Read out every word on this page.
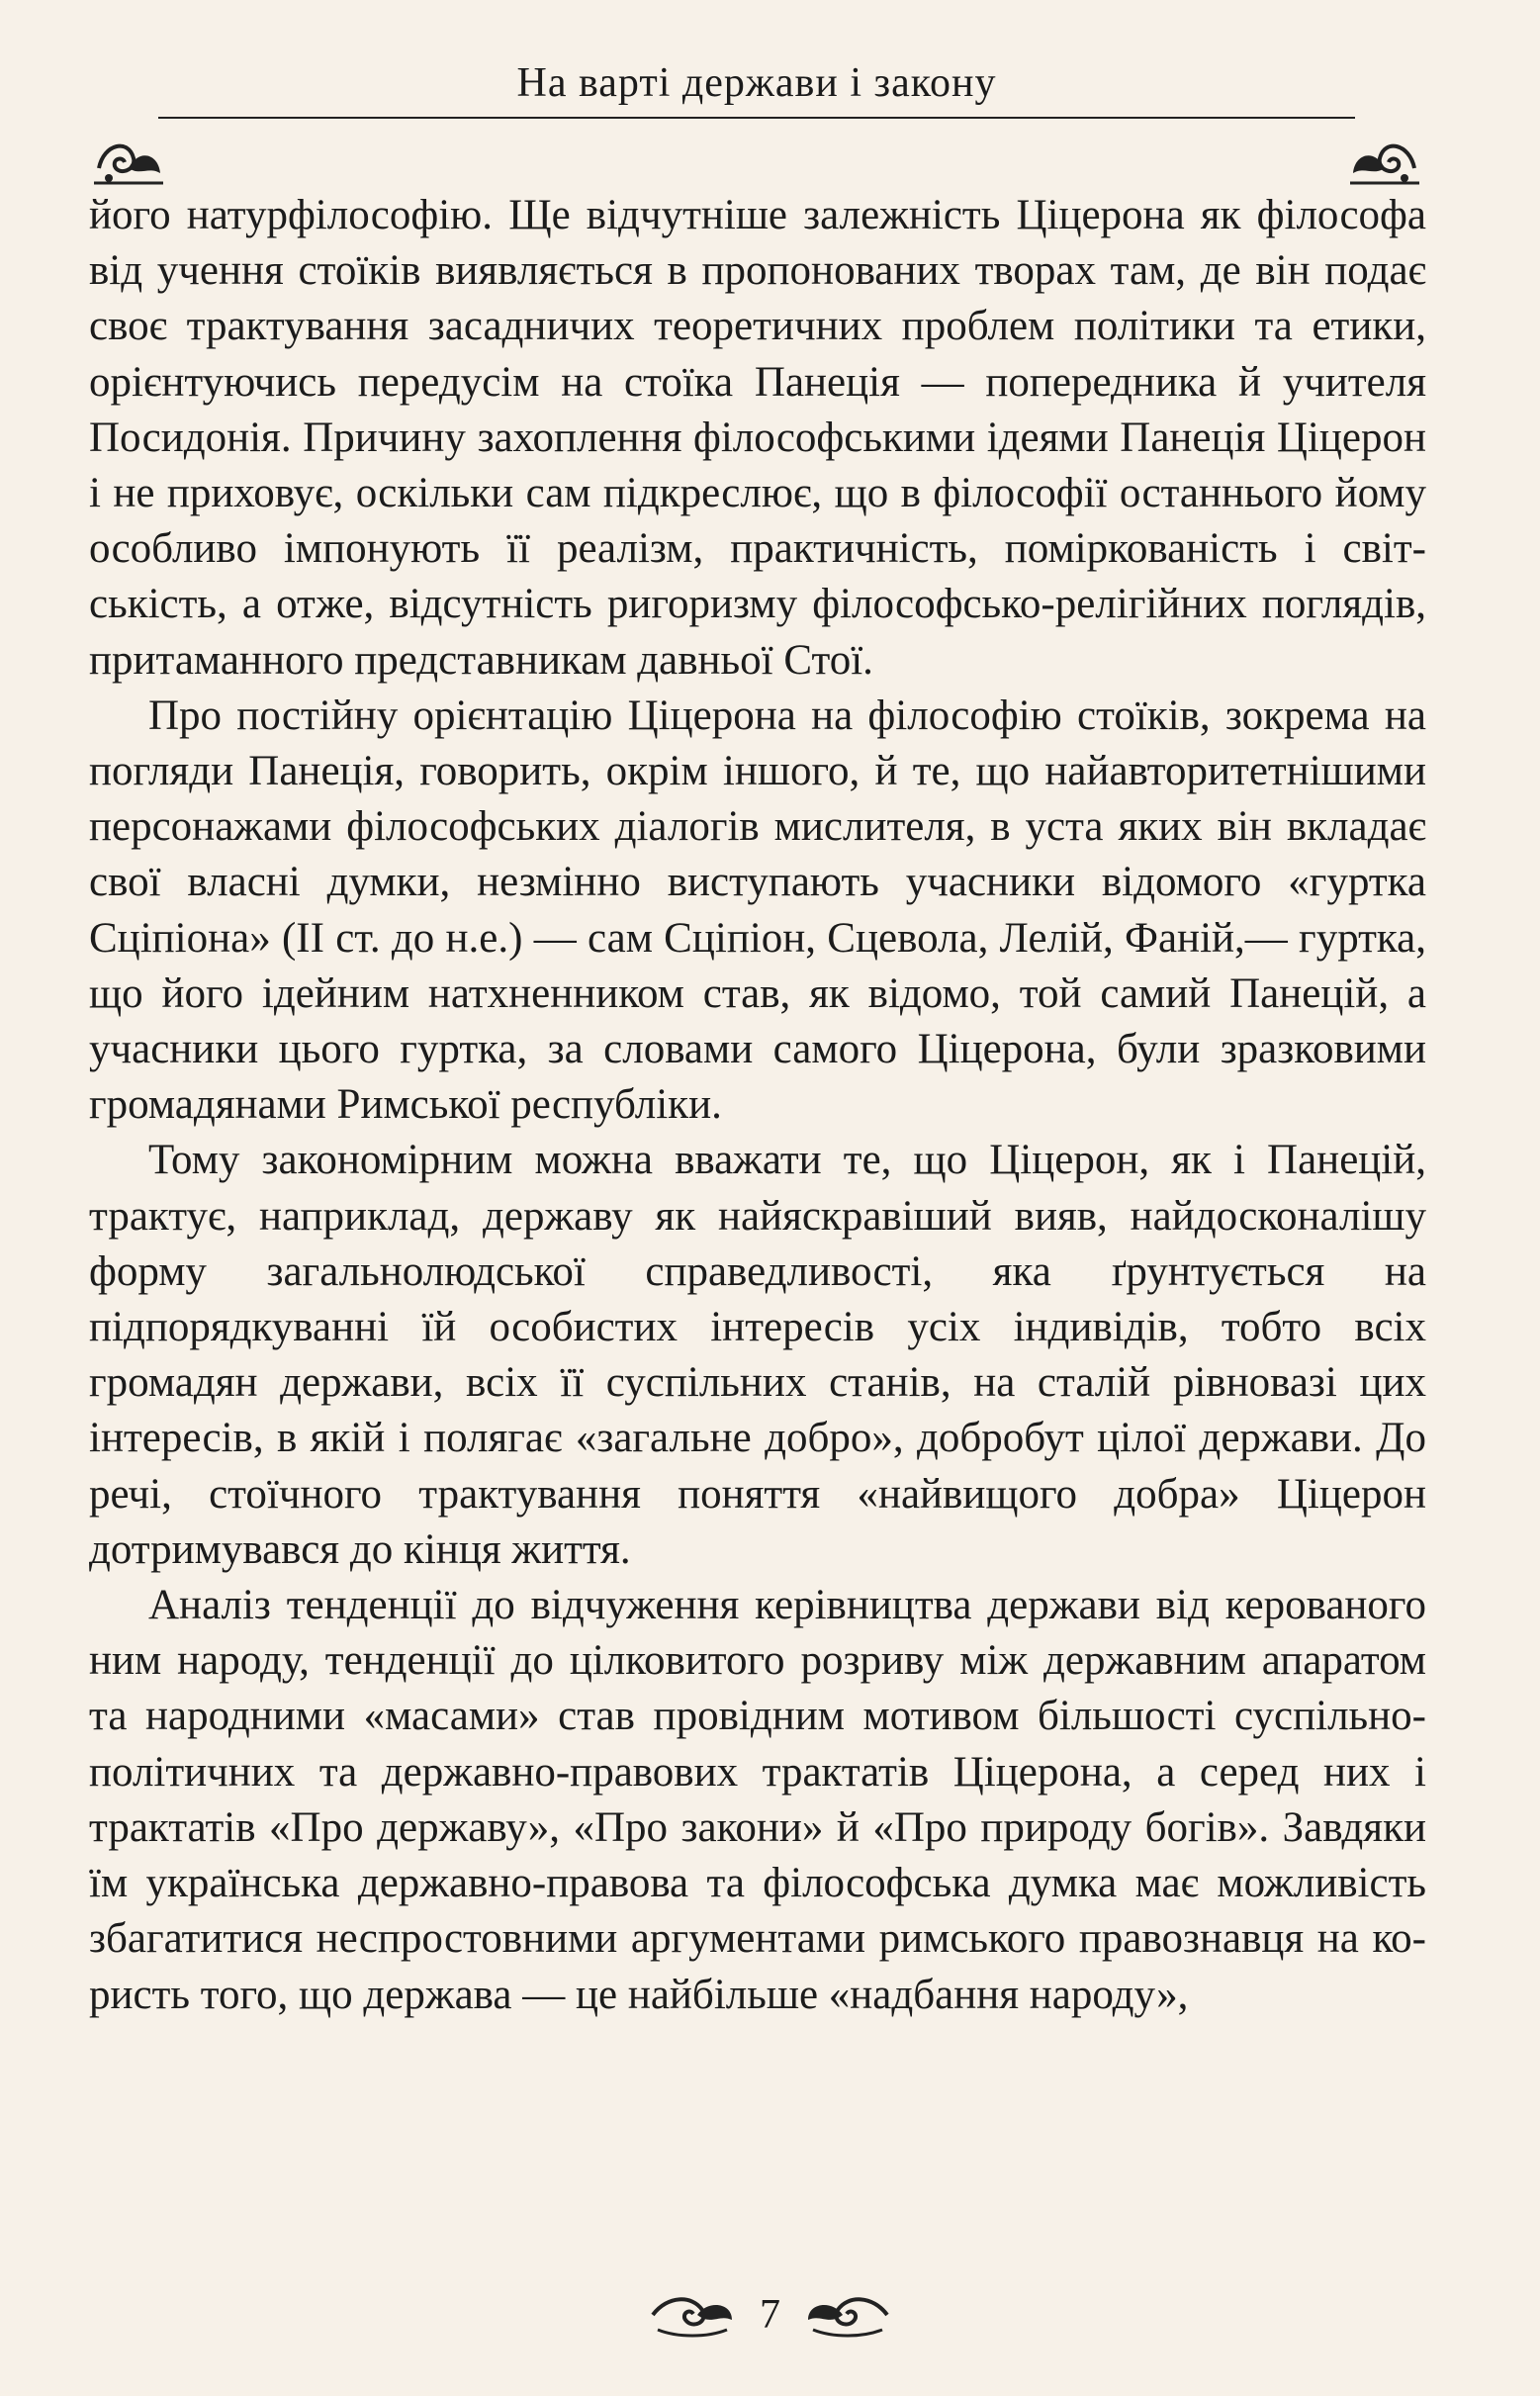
На варті держави і закону

його натурфілософію. Ще відчутніше залежність Ціцерона як філософа від учення стоїків виявляється в пропонованих творах там, де він подає своє трактування засадничих теоретичних проблем політики та етики, орієнтуючись передусім на стоїка Панеція — попередника й учителя Посидонія. Причину захоплення філософськими ідеями Панеція Ціцерон і не приховує, оскільки сам підкреслює, що в філософії останнього йому особливо імпонують її реалізм, практичність, поміркованість і світськість, а отже, відсутність ригоризму філософсько-релігійних поглядів, притаманного представникам давньої Стої.

Про постійну орієнтацію Ціцерона на філософію стоїків, зокрема на погляди Панеція, говорить, окрім іншого, й те, що найавторитетнішими персонажами філософських діалогів мислителя, в уста яких він вкладає свої власні думки, незмінно виступають учасники відомого «гуртка Сціпіона» (II ст. до н.е.) — сам Сціпіон, Сцевола, Лелій, Фаній,— гуртка, що його ідейним натхненником став, як відомо, той самий Панецій, а учасники цього гуртка, за словами самого Ціцерона, були зразковими громадянами Римської республіки.

Тому закономірним можна вважати те, що Ціцерон, як і Панецій, трактує, наприклад, державу як найяскравіший вияв, найдосконалішу форму загальнолюдської справедливості, яка ґрунтується на підпорядкуванні їй особистих інтересів усіх індивідів, тобто всіх громадян держави, всіх її суспільних станів, на сталій рівновазі цих інтересів, в якій і полягає «загальне добро», добробут цілої держави. До речі, стоїчного трактування поняття «найвищого добра» Ціцерон дотримувався до кінця життя.

Аналіз тенденції до відчуження керівництва держави від керованого ним народу, тенденції до цілковитого розриву між державним апаратом та народними «масами» став провідним мотивом більшості суспільно-політичних та державно-правових трактатів Ціцерона, а серед них і трактатів «Про державу», «Про закони» й «Про природу богів». Завдяки їм українська державно-правова та філософська думка має можливість збагатитися неспростовними аргументами римського правознавця на користь того, що держава — це найбільше «надбання народу»,

7
